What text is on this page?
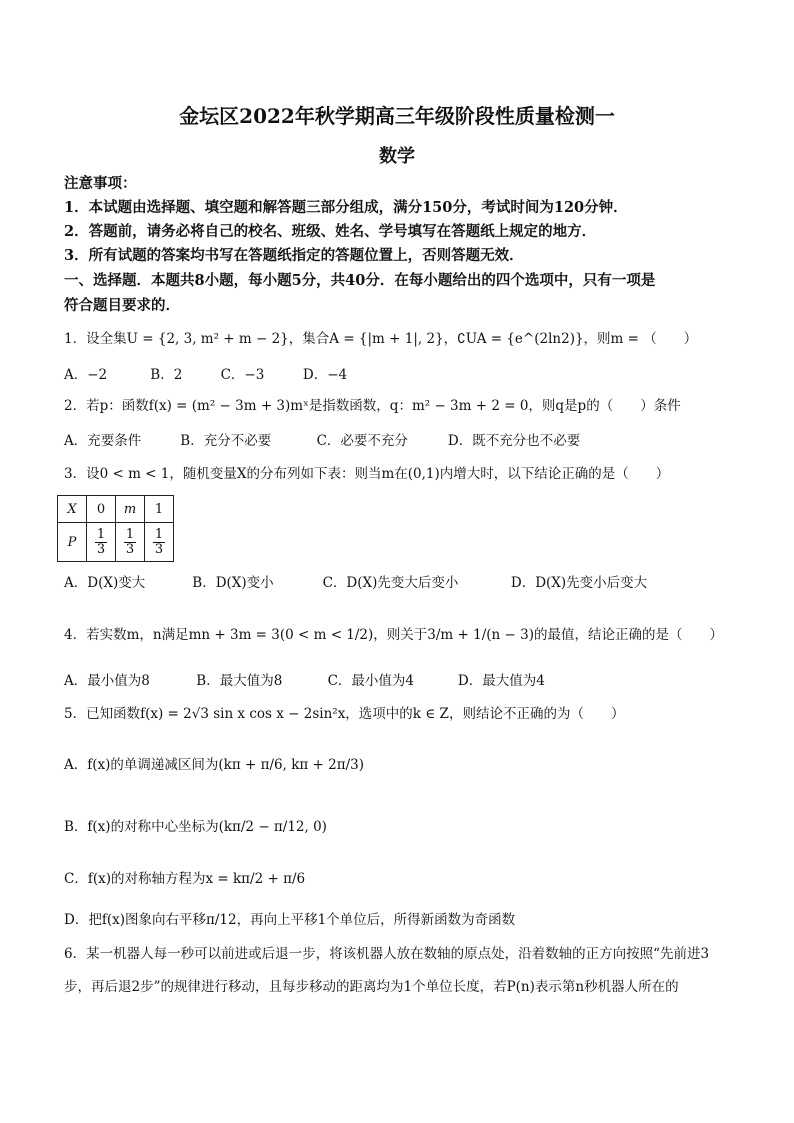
金坛区2022年秋学期高三年级阶段性质量检测一
数学
注意事项：
1．本试题由选择题、填空题和解答题三部分组成，满分150分，考试时间为120分钟．
2．答题前，请务必将自己的校名、班级、姓名、学号填写在答题纸上规定的地方．
3．所有试题的答案均书写在答题纸指定的答题位置上，否则答题无效．
一、选择题．本题共8小题，每小题5分，共40分．在每小题给出的四个选项中，只有一项是
符合题目要求的．
1．设全集U = {2, 3, m² + m − 2}，集合A = {|m + 1|, 2}，∁UA = {e^(2ln2)}，则m = （　　）
A．−2	B．2	C．−3	D．−4
2．若p：函数f(x) = (m² − 3m + 3)mˣ是指数函数，q：m² − 3m + 2 = 0，则q是p的（　　）条件
A．充要条件	B．充分不必要	C．必要不充分	D．既不充分也不必要
3．设0 < m < 1，随机变量X的分布列如下表：则当m在(0,1)内增大时，以下结论正确的是（　　）
X	0	m	1
P	$\frac{1}{3}$	$\frac{1}{3}$	$\frac{1}{3}$
A．D(X)变大	B．D(X)变小	C．D(X)先变大后变小	D．D(X)先变小后变大
4．若实数m，n满足mn + 3m = 3(0 < m < 1/2)，则关于3/m + 1/(n − 3)的最值，结论正确的是（　　）
A．最小值为8	B．最大值为8	C．最小值为4	D．最大值为4
5．已知函数f(x) = 2√3 sin x cos x − 2sin²x，选项中的k ∈ Z，则结论不正确的为（　　）
A．f(x)的单调递减区间为(kπ + π/6, kπ + 2π/3)
B．f(x)的对称中心坐标为(kπ/2 − π/12, 0)
C．f(x)的对称轴方程为x = kπ/2 + π/6
D．把f(x)图象向右平移π/12，再向上平移1个单位后，所得新函数为奇函数
6．某一机器人每一秒可以前进或后退一步，将该机器人放在数轴的原点处，沿着数轴的正方向按照“先前进3
步，再后退2步”的规律进行移动，且每步移动的距离均为1个单位长度，若P(n)表示第n秒机器人所在的
